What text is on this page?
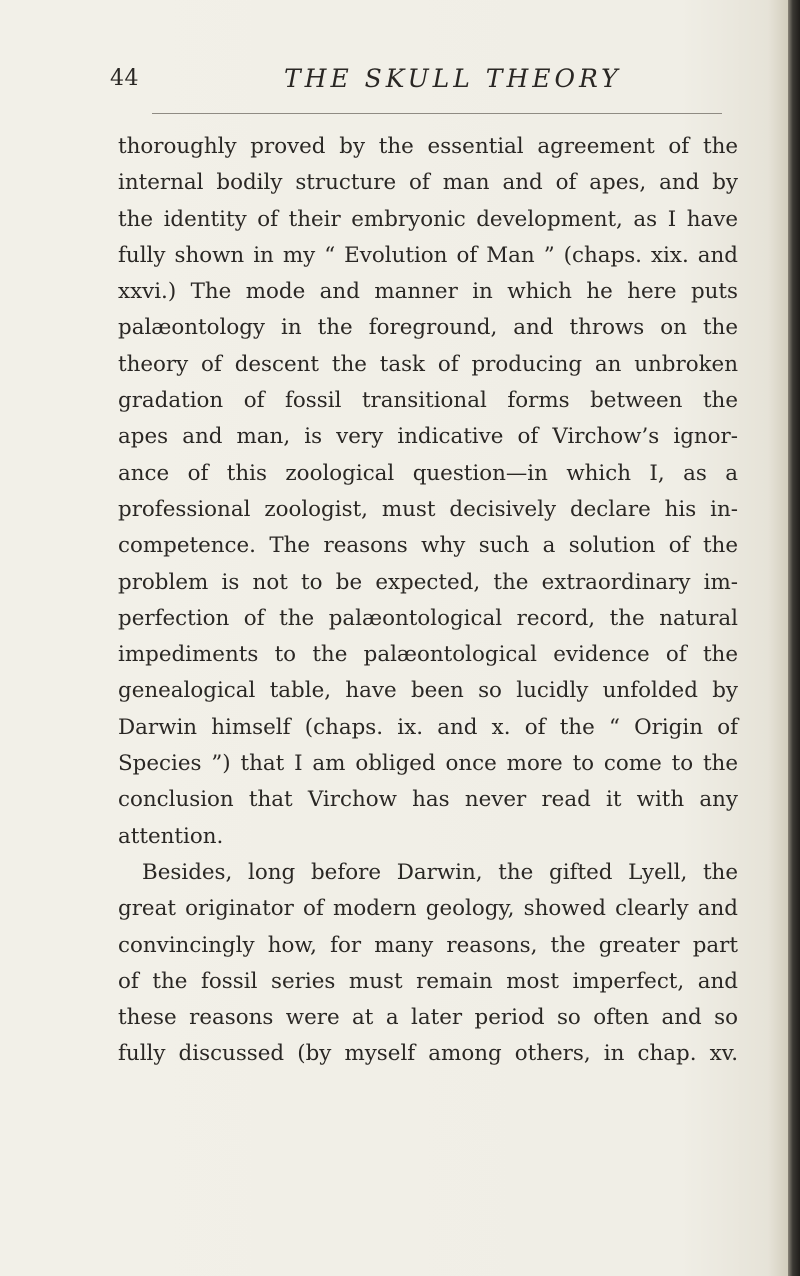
44	THE SKULL THEORY
thoroughly proved by the essential agreement of the
internal bodily structure of man and of apes, and by
the identity of their embryonic development, as I have
fully shown in my “ Evolution of Man ” (chaps. xix. and
xxvi.) The mode and manner in which he here puts
palæontology in the foreground, and throws on the
theory of descent the task of producing an unbroken
gradation of fossil transitional forms between the
apes and man, is very indicative of Virchow’s ignor-
ance of this zoological question—in which I, as a
professional zoologist, must decisively declare his in-
competence. The reasons why such a solution of the
problem is not to be expected, the extraordinary im-
perfection of the palæontological record, the natural
impediments to the palæontological evidence of the
genealogical table, have been so lucidly unfolded by
Darwin himself (chaps. ix. and x. of the “ Origin of
Species ”) that I am obliged once more to come to the
conclusion that Virchow has never read it with any
attention.
Besides, long before Darwin, the gifted Lyell, the
great originator of modern geology, showed clearly and
convincingly how, for many reasons, the greater part
of the fossil series must remain most imperfect, and
these reasons were at a later period so often and so
fully discussed (by myself among others, in chap. xv.
